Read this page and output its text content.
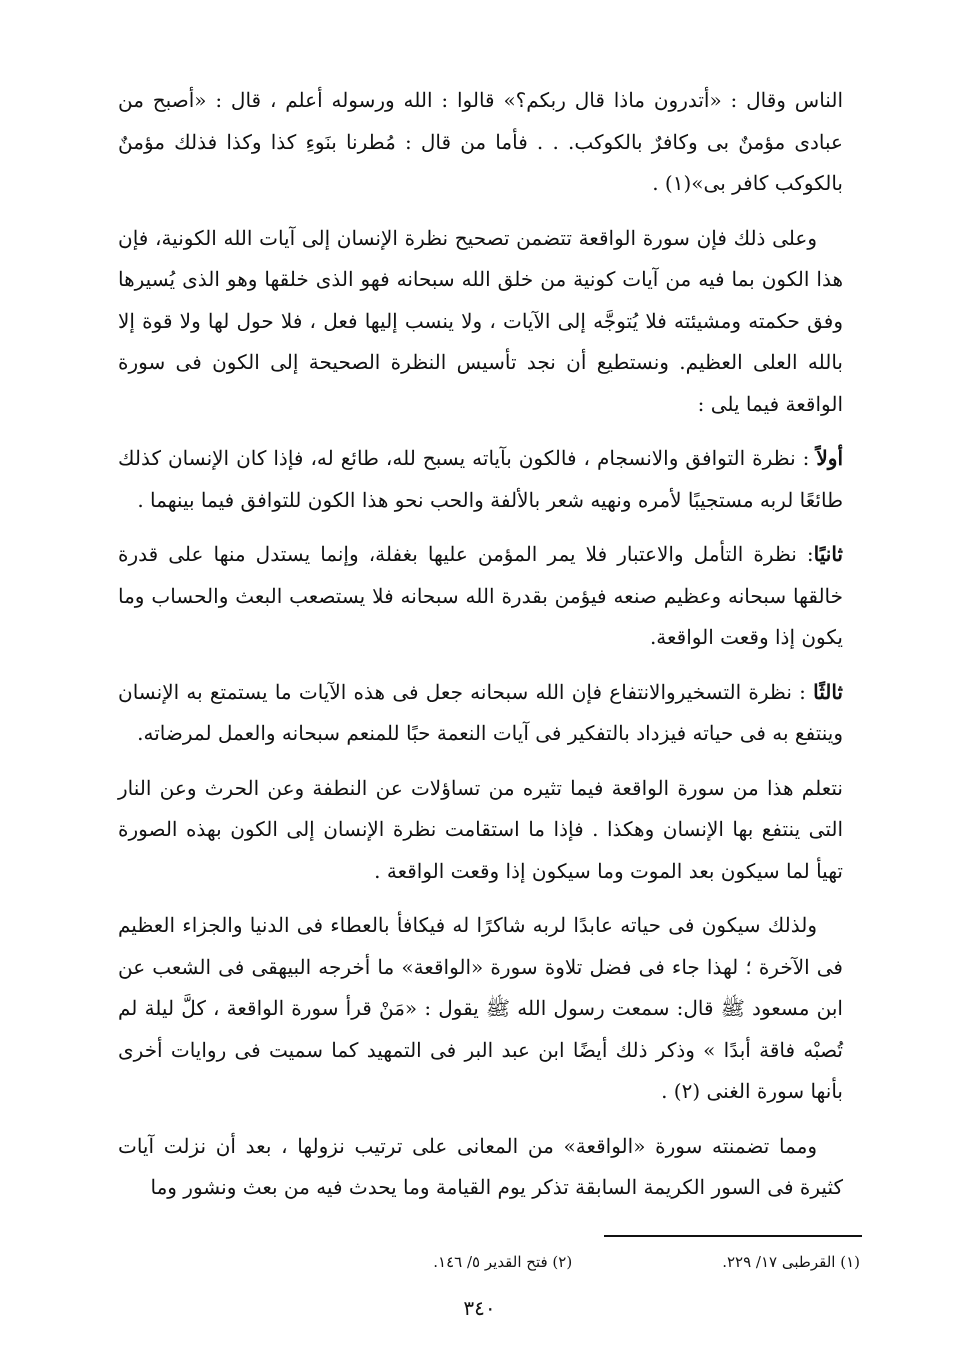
الناس وقال : «أتدرون ماذا قال ربكم؟» قالوا : الله ورسوله أعلم ، قال : «أصبح من عبادى مؤمنٌ بى وكافرٌ بالكوكب. . . فأما من قال : مُطرنا بنَوءِ كذا وكذا فذلك مؤمنٌ بالكوكب كافر بى»(١) .

وعلى ذلك فإن سورة الواقعة تتضمن تصحيح نظرة الإنسان إلى آيات الله الكونية، فإن هذا الكون بما فيه من آيات كونية من خلق الله سبحانه فهو الذى خلقها وهو الذى يُسيرها وفق حكمته ومشيئته فلا يُتوجَّه إلى الآيات ، ولا ينسب إليها فعل ، فلا حول لها ولا قوة إلا بالله العلى العظيم. ونستطيع أن نجد تأسيس النظرة الصحيحة إلى الكون فى سورة الواقعة فيما يلى :

أولاً : نظرة التوافق والانسجام ، فالكون بآياته يسبح لله، طائع له، فإذا كان الإنسان كذلك طائعًا لربه مستجيبًا لأمره ونهيه شعر بالألفة والحب نحو هذا الكون للتوافق فيما بينهما .

ثانيًا: نظرة التأمل والاعتبار فلا يمر المؤمن عليها بغفلة، وإنما يستدل منها على قدرة خالقها سبحانه وعظيم صنعه فيؤمن بقدرة الله سبحانه فلا يستصعب البعث والحساب وما يكون إذا وقعت الواقعة.

ثالثًا : نظرة التسخيروالانتفاع فإن الله سبحانه جعل فى هذه الآيات ما يستمتع به الإنسان وينتفع به فى حياته فيزداد بالتفكير فى آيات النعمة حبًا للمنعم سبحانه والعمل لمرضاته.

نتعلم هذا من سورة الواقعة فيما تثيره من تساؤلات عن النطفة وعن الحرث وعن النار التى ينتفع بها الإنسان وهكذا . فإذا ما استقامت نظرة الإنسان إلى الكون بهذه الصورة تهيأ لما سيكون بعد الموت وما سيكون إذا وقعت الواقعة .

ولذلك سيكون فى حياته عابدًا لربه شاكرًا له فيكافأ بالعطاء فى الدنيا والجزاء العظيم فى الآخرة ؛ لهذا جاء فى فضل تلاوة سورة «الواقعة» ما أخرجه البيهقى فى الشعب عن ابن مسعود ﷺ قال: سمعت رسول الله ﷺ يقول : «مَنْ قرأ سورة الواقعة ، كلَّ ليلة لم تُصبْه فاقة أبدًا » وذكر ذلك أيضًا ابن عبد البر فى التمهيد كما سميت فى روايات أخرى بأنها سورة الغنى (٢) .

ومما تضمنته سورة «الواقعة» من المعانى على ترتيب نزولها ، بعد أن نزلت آيات كثيرة فى السور الكريمة السابقة تذكر يوم القيامة وما يحدث فيه من بعث ونشور وما

(١) القرطبى ١٧/ ٢٢٩.
(٢) فتح القدير ٥/ ١٤٦.
٣٤٠
